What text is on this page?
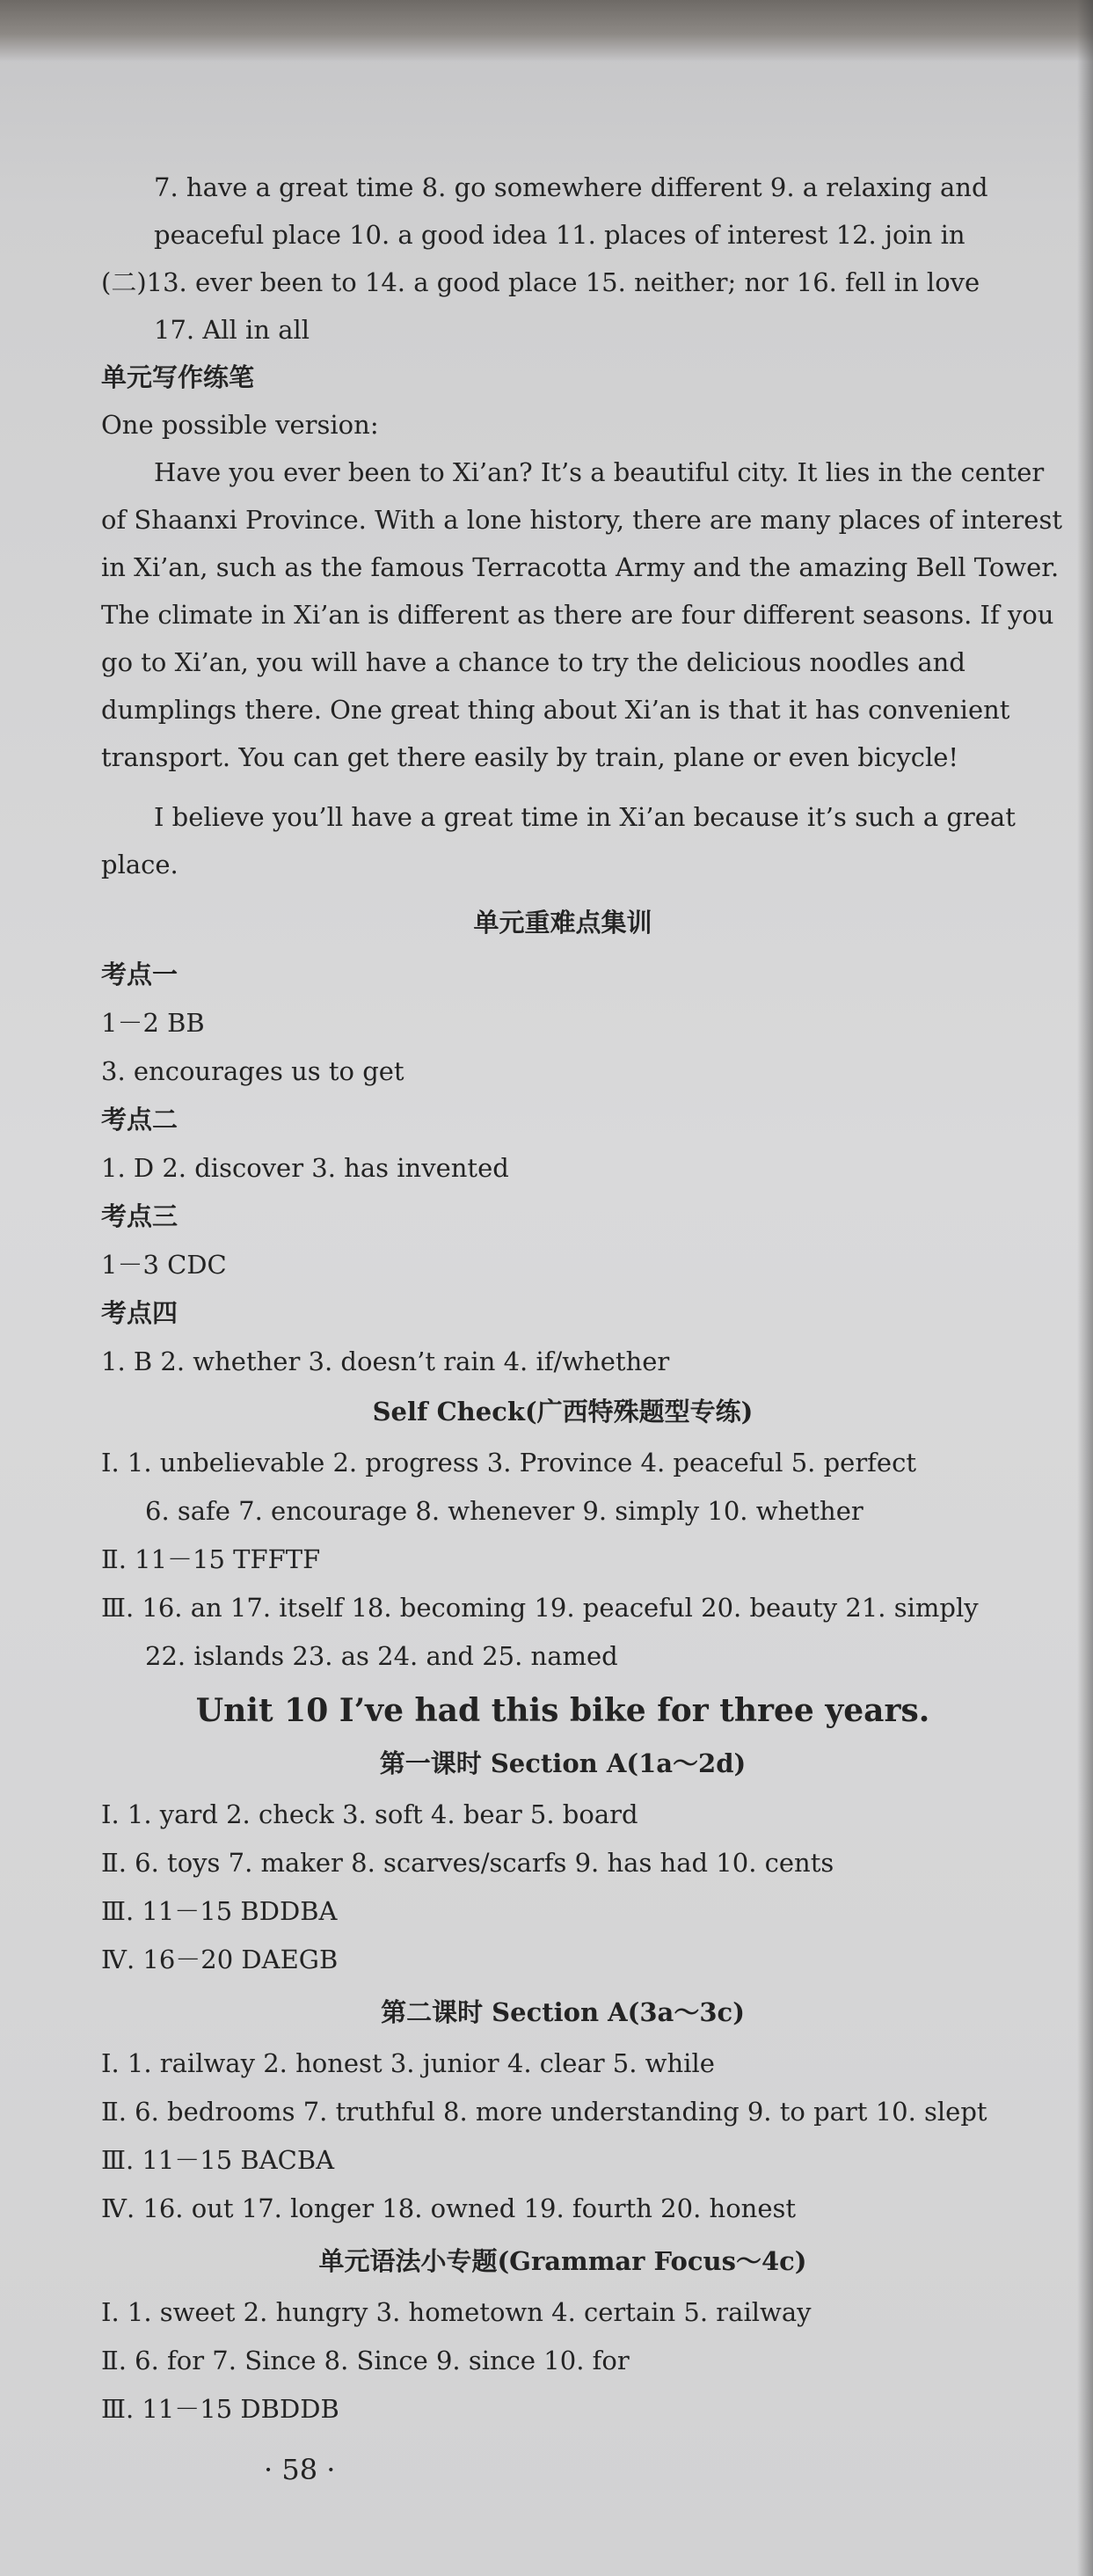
7. have a great time 8. go somewhere different 9. a relaxing and
peaceful place 10. a good idea 11. places of interest 12. join in
(二)13. ever been to 14. a good place 15. neither; nor 16. fell in love
17. All in all
单元写作练笔
One possible version:
Have you ever been to Xi’an? It’s a beautiful city. It lies in the center
of Shaanxi Province. With a lone history, there are many places of interest
in Xi’an, such as the famous Terracotta Army and the amazing Bell Tower.
The climate in Xi’an is different as there are four different seasons. If you
go to Xi’an, you will have a chance to try the delicious noodles and
dumplings there. One great thing about Xi’an is that it has convenient
transport. You can get there easily by train, plane or even bicycle!
I believe you’ll have a great time in Xi’an because it’s such a great
place.
单元重难点集训
考点一
1－2 BB
3. encourages us to get
考点二
1. D 2. discover 3. has invented
考点三
1－3 CDC
考点四
1. B 2. whether 3. doesn’t rain 4. if/whether
Self Check(广西特殊题型专练)
Ⅰ. 1. unbelievable 2. progress 3. Province 4. peaceful 5. perfect
6. safe 7. encourage 8. whenever 9. simply 10. whether
Ⅱ. 11－15 TFFTF
Ⅲ. 16. an 17. itself 18. becoming 19. peaceful 20. beauty 21. simply
22. islands 23. as 24. and 25. named
Unit 10 I’ve had this bike for three years.
第一课时 Section A(1a～2d)
Ⅰ. 1. yard 2. check 3. soft 4. bear 5. board
Ⅱ. 6. toys 7. maker 8. scarves/scarfs 9. has had 10. cents
Ⅲ. 11－15 BDDBA
Ⅳ. 16－20 DAEGB
第二课时 Section A(3a～3c)
Ⅰ. 1. railway 2. honest 3. junior 4. clear 5. while
Ⅱ. 6. bedrooms 7. truthful 8. more understanding 9. to part 10. slept
Ⅲ. 11－15 BACBA
Ⅳ. 16. out 17. longer 18. owned 19. fourth 20. honest
单元语法小专题(Grammar Focus～4c)
Ⅰ. 1. sweet 2. hungry 3. hometown 4. certain 5. railway
Ⅱ. 6. for 7. Since 8. Since 9. since 10. for
Ⅲ. 11－15 DBDDB
· 58 ·
